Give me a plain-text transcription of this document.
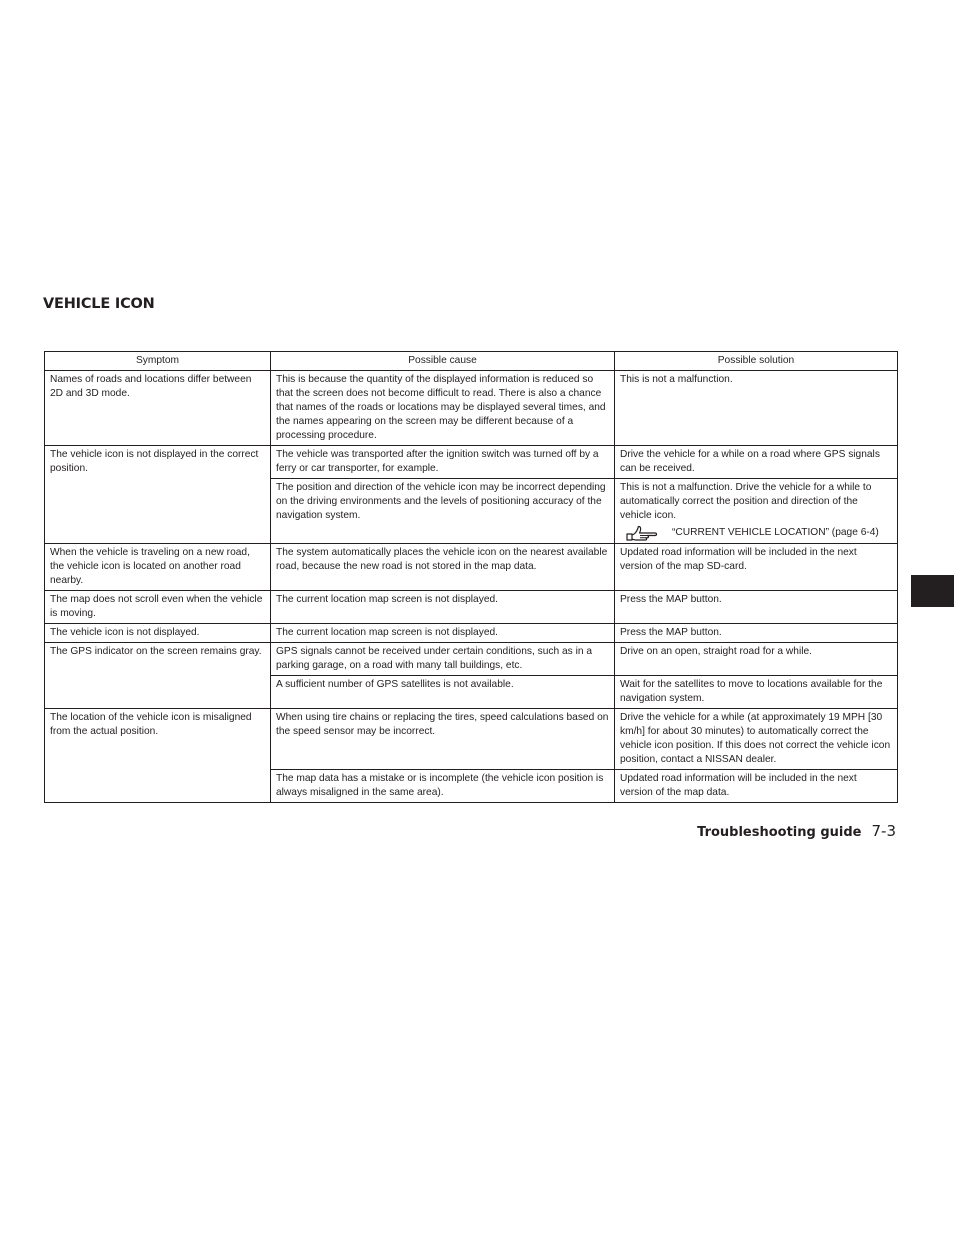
VEHICLE ICON
Symptom	Possible cause	Possible solution
Names of roads and locations differ between 2D and 3D mode.	This is because the quantity of the displayed information is reduced so that the screen does not become difficult to read. There is also a chance that names of the roads or locations may be displayed several times, and the names appearing on the screen may be different because of a processing procedure.	This is not a malfunction.
The vehicle icon is not displayed in the correct position.	The vehicle was transported after the ignition switch was turned off by a ferry or car transporter, for example.	Drive the vehicle for a while on a road where GPS signals can be received.
	The position and direction of the vehicle icon may be incorrect depending on the driving environments and the levels of positioning accuracy of the navigation system.	This is not a malfunction. Drive the vehicle for a while to automatically correct the position and direction of the vehicle icon.
“CURRENT VEHICLE LOCATION” (page 6-4)

When the vehicle is traveling on a new road, the vehicle icon is located on another road nearby.	The system automatically places the vehicle icon on the nearest available road, because the new road is not stored in the map data.	Updated road information will be included in the next version of the map SD-card.
The map does not scroll even when the vehicle is moving.	The current location map screen is not displayed.	Press the MAP button.
The vehicle icon is not displayed.	The current location map screen is not displayed.	Press the MAP button.
The GPS indicator on the screen remains gray.	GPS signals cannot be received under certain conditions, such as in a parking garage, on a road with many tall buildings, etc.	Drive on an open, straight road for a while.
	A sufficient number of GPS satellites is not available.	Wait for the satellites to move to locations available for the navigation system.
The location of the vehicle icon is misaligned from the actual position.	When using tire chains or replacing the tires, speed calculations based on the speed sensor may be incorrect.	Drive the vehicle for a while (at approximately 19 MPH [30 km/h] for about 30 minutes) to automatically correct the vehicle icon position. If this does not correct the vehicle icon position, contact a NISSAN dealer.
	The map data has a mistake or is incomplete (the vehicle icon position is always misaligned in the same area).	Updated road information will be included in the next version of the map data.
Troubleshooting guide 7-3
